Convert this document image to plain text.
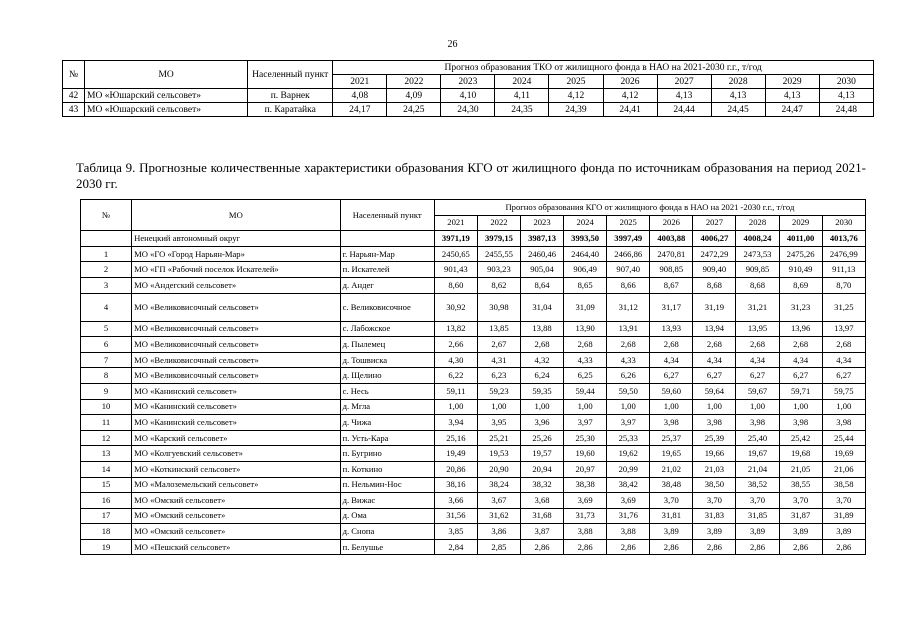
26
№	МО	Населенный пункт	Прогноз образования ТКО от жилищного фонда в НАО на 2021-2030 г.г., т/год									
			2021	2022	2023	2024	2025	2026	2027	2028	2029	2030
42	МО «Юшарский сельсовет»	п. Варнек	4,08	4,09	4,10	4,11	4,12	4,12	4,13	4,13	4,13	4,13
43	МО «Юшарский сельсовет»	п. Каратайка	24,17	24,25	24,30	24,35	24,39	24,41	24,44	24,45	24,47	24,48
Таблица 9. Прогнозные количественные характеристики образования КГО от жилищного фонда по источникам образования на период 2021-2030 гг.
№	МО	Населенный пункт	Прогноз образования КГО от жилищного фонда в НАО на 2021 -2030 г.г., т/год									
			2021	2022	2023	2024	2025	2026	2027	2028	2029	2030
	Ненецкий автономный округ		3971,19	3979,15	3987,13	3993,50	3997,49	4003,88	4006,27	4008,24	4011,00	4013,76
1	МО «ГО «Город Нарьян-Мар»	г. Нарьян-Мар	2450,65	2455,55	2460,46	2464,40	2466,86	2470,81	2472,29	2473,53	2475,26	2476,99
2	МО «ГП «Рабочий поселок Искателей»	п. Искателей	901,43	903,23	905,04	906,49	907,40	908,85	909,40	909,85	910,49	911,13
3	МО «Андегский сельсовет»	д. Андег	8,60	8,62	8,64	8,65	8,66	8,67	8,68	8,68	8,69	8,70
4	МО «Великовисочный сельсовет»	с. Великовисочное	30,92	30,98	31,04	31,09	31,12	31,17	31,19	31,21	31,23	31,25
5	МО «Великовисочный сельсовет»	с. Лабожское	13,82	13,85	13,88	13,90	13,91	13,93	13,94	13,95	13,96	13,97
6	МО «Великовисочный сельсовет»	д. Пылемец	2,66	2,67	2,68	2,68	2,68	2,68	2,68	2,68	2,68	2,68
7	МО «Великовисочный сельсовет»	д. Тошвиска	4,30	4,31	4,32	4,33	4,33	4,34	4,34	4,34	4,34	4,34
8	МО «Великовисочный сельсовет»	д. Щелино	6,22	6,23	6,24	6,25	6,26	6,27	6,27	6,27	6,27	6,27
9	МО «Канинский сельсовет»	с. Несь	59,11	59,23	59,35	59,44	59,50	59,60	59,64	59,67	59,71	59,75
10	МО «Канинский сельсовет»	д. Мгла	1,00	1,00	1,00	1,00	1,00	1,00	1,00	1,00	1,00	1,00
11	МО «Канинский сельсовет»	д. Чижа	3,94	3,95	3,96	3,97	3,97	3,98	3,98	3,98	3,98	3,98
12	МО «Карский сельсовет»	п. Усть-Кара	25,16	25,21	25,26	25,30	25,33	25,37	25,39	25,40	25,42	25,44
13	МО «Колгуевский сельсовет»	п. Бугрино	19,49	19,53	19,57	19,60	19,62	19,65	19,66	19,67	19,68	19,69
14	МО «Коткинский сельсовет»	п. Коткино	20,86	20,90	20,94	20,97	20,99	21,02	21,03	21,04	21,05	21,06
15	МО «Малоземельский сельсовет»	п. Нельмин-Нос	38,16	38,24	38,32	38,38	38,42	38,48	38,50	38,52	38,55	38,58
16	МО «Омский сельсовет»	д. Вижас	3,66	3,67	3,68	3,69	3,69	3,70	3,70	3,70	3,70	3,70
17	МО «Омский сельсовет»	д. Ома	31,56	31,62	31,68	31,73	31,76	31,81	31,83	31,85	31,87	31,89
18	МО «Омский сельсовет»	д. Снопа	3,85	3,86	3,87	3,88	3,88	3,89	3,89	3,89	3,89	3,89
19	МО «Пешский сельсовет»	п. Белушье	2,84	2,85	2,86	2,86	2,86	2,86	2,86	2,86	2,86	2,86
